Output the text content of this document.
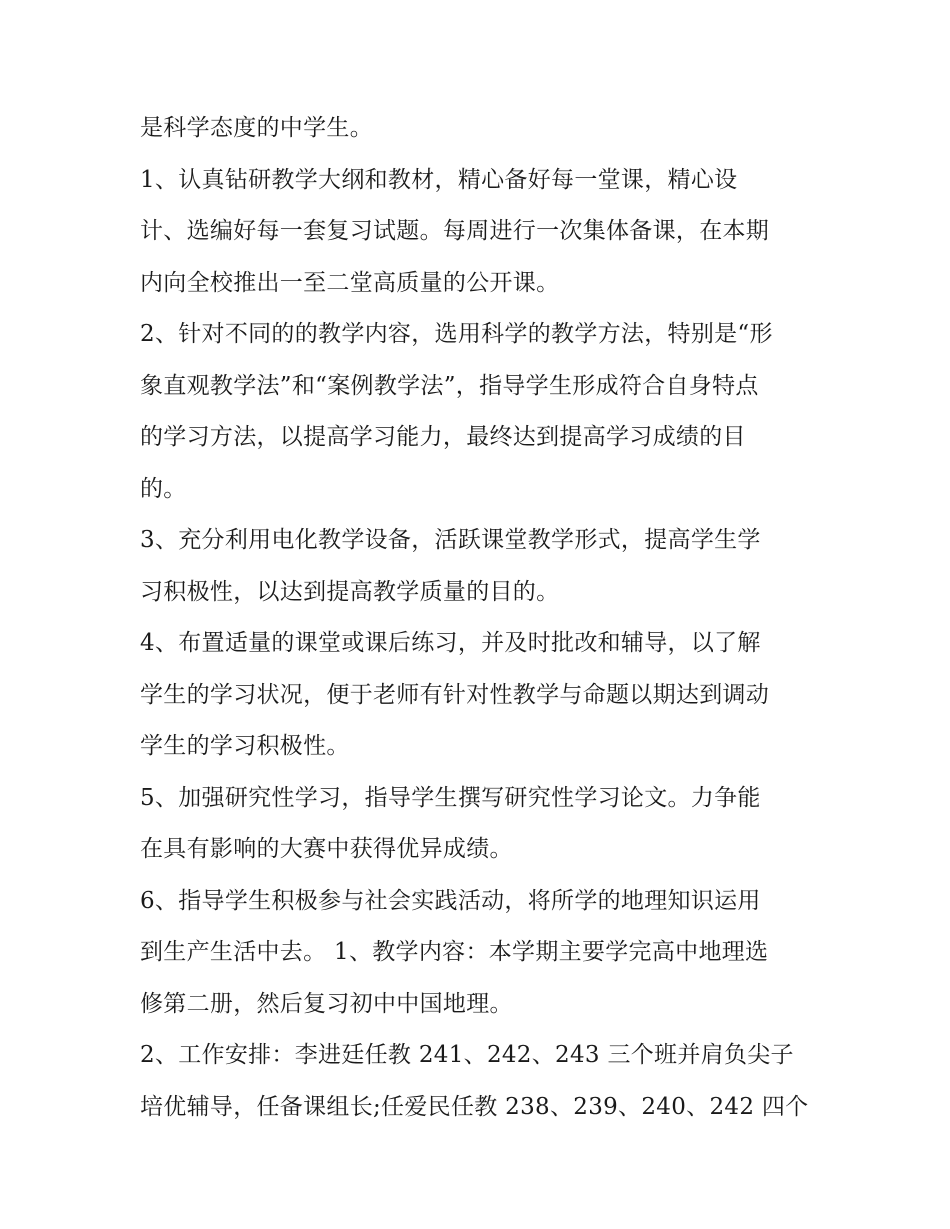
是科学态度的中学生。
1、认真钻研教学大纲和教材，精心备好每一堂课，精心设
计、选编好每一套复习试题。每周进行一次集体备课，在本期
内向全校推出一至二堂高质量的公开课。
2、针对不同的的教学内容，选用科学的教学方法，特别是“形
象直观教学法”和“案例教学法”，指导学生形成符合自身特点
的学习方法，以提高学习能力，最终达到提高学习成绩的目
的。
3、充分利用电化教学设备，活跃课堂教学形式，提高学生学
习积极性，以达到提高教学质量的目的。
4、布置适量的课堂或课后练习，并及时批改和辅导，以了解
学生的学习状况，便于老师有针对性教学与命题以期达到调动
学生的学习积极性。
5、加强研究性学习，指导学生撰写研究性学习论文。力争能
在具有影响的大赛中获得优异成绩。
6、指导学生积极参与社会实践活动，将所学的地理知识运用
到生产生活中去。 1、教学内容：本学期主要学完高中地理选
修第二册，然后复习初中中国地理。
2、工作安排：李进廷任教 241、242、243 三个班并肩负尖子
培优辅导，任备课组长;任爱民任教 238、239、240、242 四个
